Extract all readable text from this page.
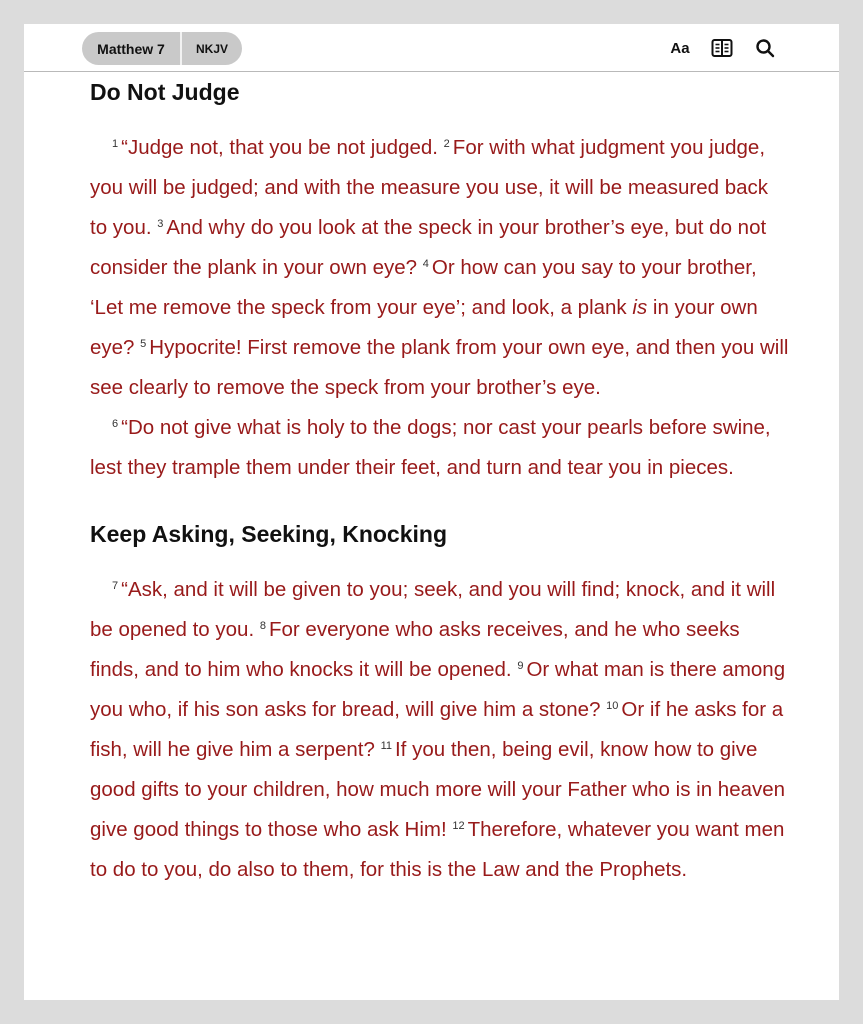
Matthew 7	NKJV	Aa
Do Not Judge

$^1$ “Judge not, that you be not judged. $^2$ For with what judgment you judge, you will be judged; and with the measure you use, it will be measured back to you. $^3$ And why do you look at the speck in your brother’s eye, but do not consider the plank in your own eye? $^4$ Or how can you say to your brother, ‘Let me remove the speck from your eye’; and look, a plank is in your own eye? $^5$ Hypocrite! First remove the plank from your own eye, and then you will see clearly to remove the speck from your brother’s eye.

$^6$ “Do not give what is holy to the dogs; nor cast your pearls before swine, lest they trample them under their feet, and turn and tear you in pieces.

Keep Asking, Seeking, Knocking

$^7$ “Ask, and it will be given to you; seek, and you will find; knock, and it will be opened to you. $^8$ For everyone who asks receives, and he who seeks finds, and to him who knocks it will be opened. $^9$ Or what man is there among you who, if his son asks for bread, will give him a stone? $^{10}$ Or if he asks for a fish, will he give him a serpent? $^{11}$ If you then, being evil, know how to give good gifts to your children, how much more will your Father who is in heaven give good things to those who ask Him! $^{12}$ Therefore, whatever you want men to do to you, do also to them, for this is the Law and the Prophets.
